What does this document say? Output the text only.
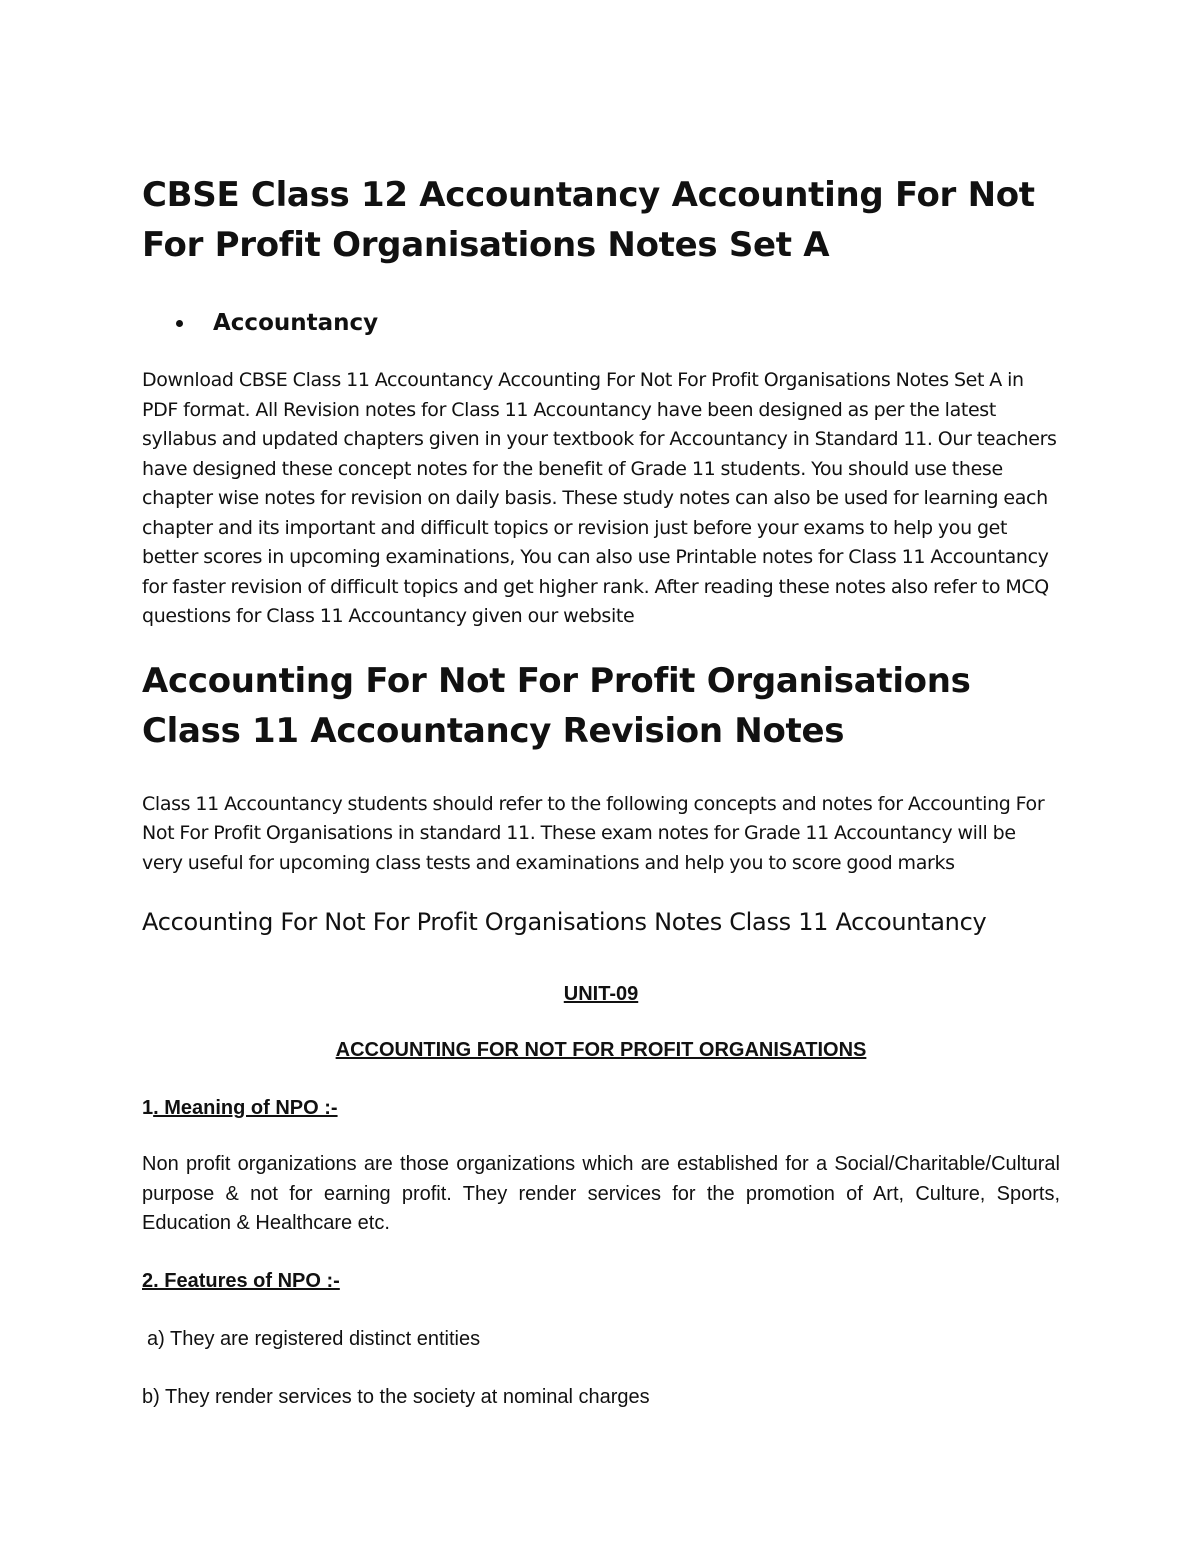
CBSE Class 12 Accountancy Accounting For Not For Profit Organisations Notes Set A
Accountancy

Download CBSE Class 11 Accountancy Accounting For Not For Profit Organisations Notes Set A in PDF format. All Revision notes for Class 11 Accountancy have been designed as per the latest syllabus and updated chapters given in your textbook for Accountancy in Standard 11. Our teachers have designed these concept notes for the benefit of Grade 11 students. You should use these chapter wise notes for revision on daily basis. These study notes can also be used for learning each chapter and its important and difficult topics or revision just before your exams to help you get better scores in upcoming examinations, You can also use Printable notes for Class 11 Accountancy for faster revision of difficult topics and get higher rank. After reading these notes also refer to MCQ questions for Class 11 Accountancy given our website

Accounting For Not For Profit Organisations Class 11 Accountancy Revision Notes

Class 11 Accountancy students should refer to the following concepts and notes for Accounting For Not For Profit Organisations in standard 11. These exam notes for Grade 11 Accountancy will be very useful for upcoming class tests and examinations and help you to score good marks

Accounting For Not For Profit Organisations Notes Class 11 Accountancy

UNIT-09

ACCOUNTING FOR NOT FOR PROFIT ORGANISATIONS

1. Meaning of NPO :-

Non profit organizations are those organizations which are established for a Social/Charitable/Cultural purpose & not for earning profit. They render services for the promotion of Art, Culture, Sports, Education & Healthcare etc.

2. Features of NPO :-

a) They are registered distinct entities

b) They render services to the society at nominal charges
